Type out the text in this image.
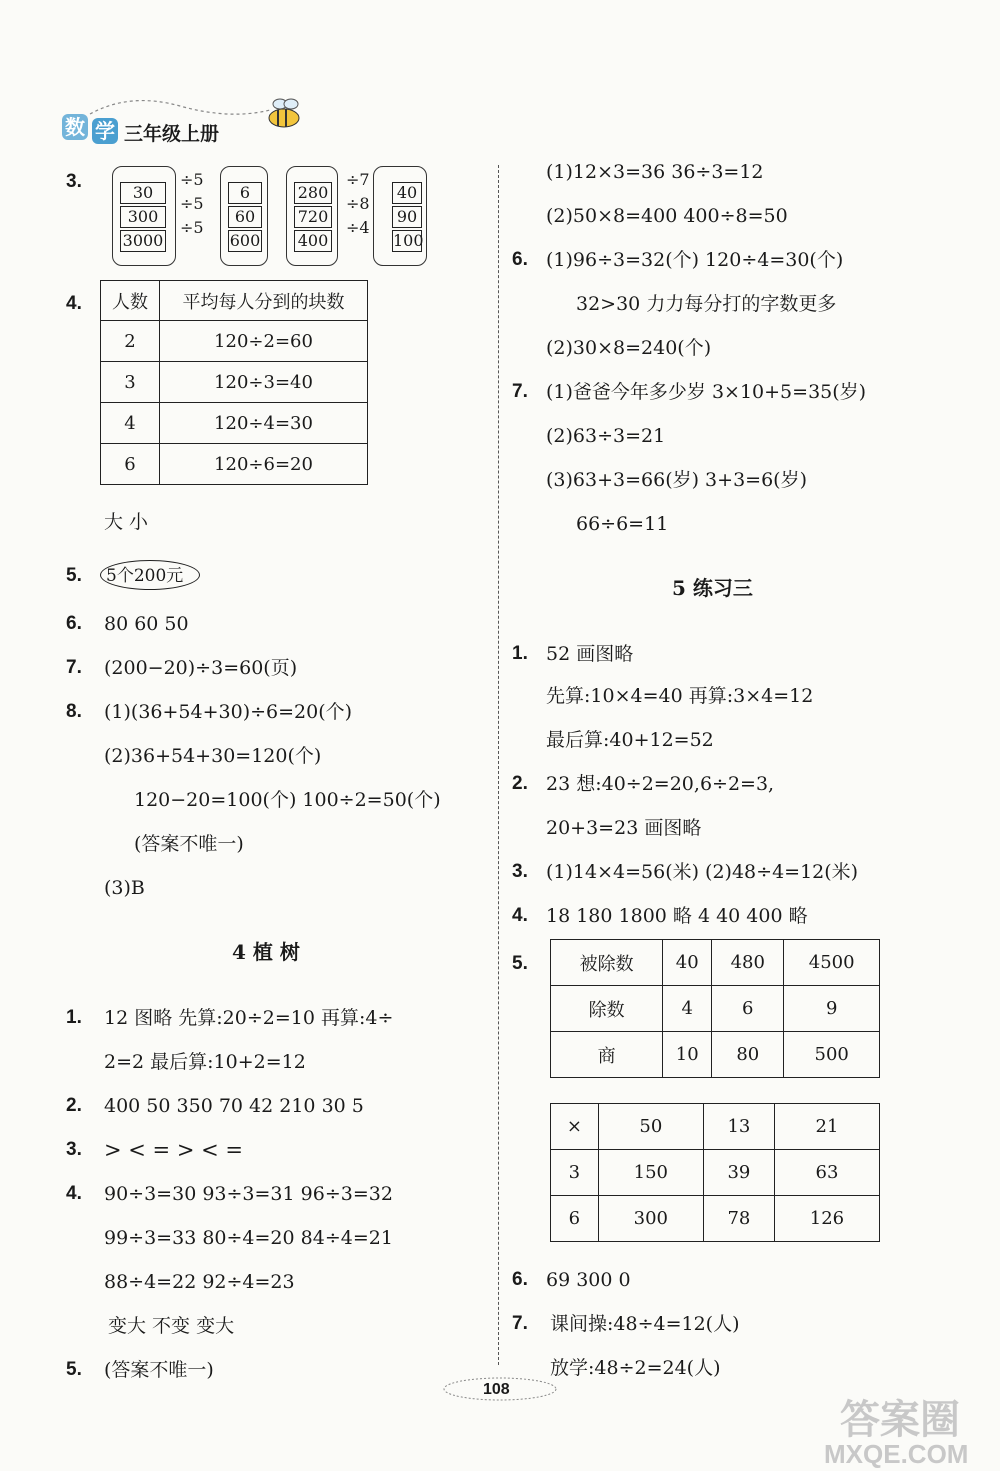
数 学 三年级上册
3.
30
÷5
6
300
÷5
60
3000
÷5
600
280
÷7
40
720
÷8
90
400
÷4
100
4. 人数	平均每人分到的块数
2	120÷2=60
3	120÷3=40
4	120÷4=30
6	120÷6=20
大 小
5. 5个200元
6. 80 60 50
7. (200−20)÷3=60(页)
8. (1)(36+54+30)÷6=20(个)
(2)36+54+30=120(个)
120−20=100(个) 100÷2=50(个)
(答案不唯一)
(3)B
4 植 树
1. 12 图略 先算:20÷2=10 再算:4÷
2=2 最后算:10+2=12
2. 400 50 350 70 42 210 30 5
3. > < = > < =
4. 90÷3=30 93÷3=31 96÷3=32
99÷3=33 80÷4=20 84÷4=21
88÷4=22 92÷4=23
变大 不变 变大
5. (答案不唯一)
(1)12×3=36 36÷3=12
(2)50×8=400 400÷8=50
6. (1)96÷3=32(个) 120÷4=30(个)
32>30 力力每分打的字数更多
(2)30×8=240(个)
7. (1)爸爸今年多少岁 3×10+5=35(岁)
(2)63÷3=21
(3)63+3=66(岁) 3+3=6(岁)
66÷6=11
5 练习三
1. 52 画图略
先算:10×4=40 再算:3×4=12
最后算:40+12=52
2. 23 想:40÷2=20,6÷2=3,
20+3=23 画图略
3. (1)14×4=56(米) (2)48÷4=12(米)
4. 18 180 1800 略 4 40 400 略
5.	被除数	40	480	4500
除数	4	6	9
商	10	80	500
×	50	13	21
3	150	39	63
6	300	78	126
6. 69 300 0
7. 课间操:48÷4=12(人)
放学:48÷2=24(人)
108
答案圈
MXQE.COM
